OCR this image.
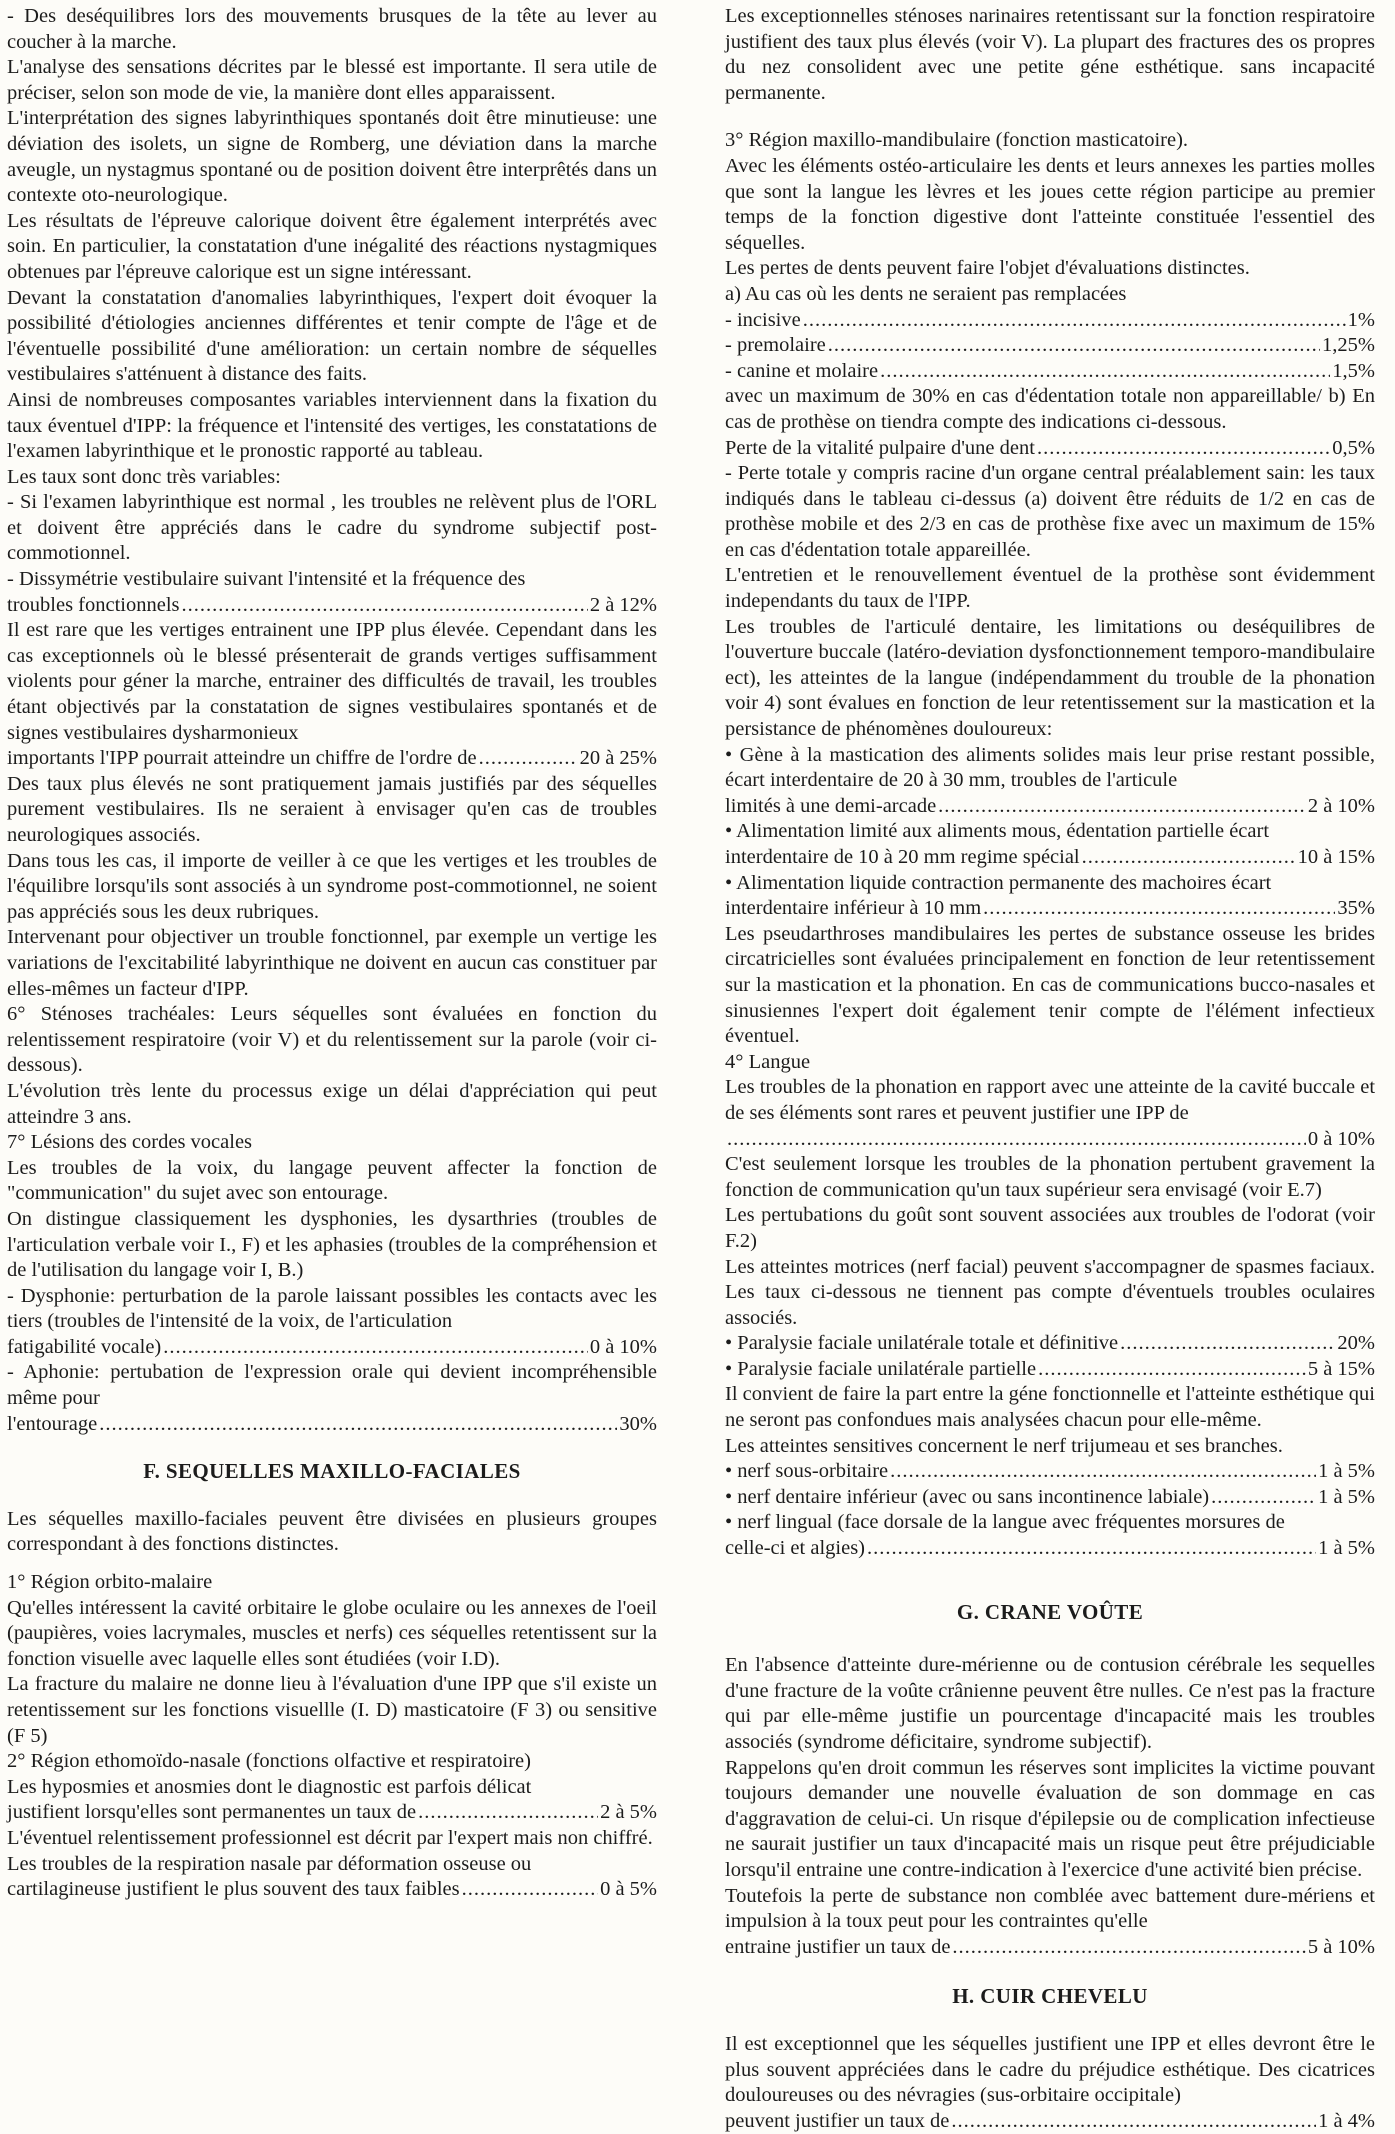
- Des deséquilibres lors des mouvements brusques de la tête au lever au coucher à la marche.

L'analyse des sensations décrites par le blessé est importante. Il sera utile de préciser, selon son mode de vie, la manière dont elles apparaissent.

L'interprétation des signes labyrinthiques spontanés doit être minutieuse: une déviation des isolets, un signe de Romberg, une déviation dans la marche aveugle, un nystagmus spontané ou de position doivent être interprêtés dans un contexte oto-neurologique.

Les résultats de l'épreuve calorique doivent être également interprétés avec soin. En particulier, la constatation d'une inégalité des réactions nystagmiques obtenues par l'épreuve calorique est un signe intéressant.

Devant la constatation d'anomalies labyrinthiques, l'expert doit évoquer la possibilité d'étiologies anciennes différentes et tenir compte de l'âge et de l'éventuelle possibilité d'une amélioration: un certain nombre de séquelles vestibulaires s'atténuent à distance des faits.

Ainsi de nombreuses composantes variables interviennent dans la fixation du taux éventuel d'IPP: la fréquence et l'intensité des vertiges, les constatations de l'examen labyrinthique et le pronostic rapporté au tableau.

Les taux sont donc très variables:

- Si l'examen labyrinthique est normal , les troubles ne relèvent plus de l'ORL et doivent être appréciés dans le cadre du syndrome subjectif post-commotionnel.

- Dissymétrie vestibulaire suivant l'intensité et la fréquence des

troubles fonctionnels .....	2 à 12%

Il est rare que les vertiges entrainent une IPP plus élevée. Cependant dans les cas exceptionnels où le blessé présenterait de grands vertiges suffisamment violents pour géner la marche, entrainer des difficultés de travail, les troubles étant objectivés par la constatation de signes vestibulaires spontanés et de signes vestibulaires dysharmonieux

importants l'IPP pourrait atteindre un chiffre de l'ordre de .....	20 à 25%

Des taux plus élevés ne sont pratiquement jamais justifiés par des séquelles purement vestibulaires. Ils ne seraient à envisager qu'en cas de troubles neurologiques associés.

Dans tous les cas, il importe de veiller à ce que les vertiges et les troubles de l'équilibre lorsqu'ils sont associés à un syndrome post-commotionnel, ne soient pas appréciés sous les deux rubriques.

Intervenant pour objectiver un trouble fonctionnel, par exemple un vertige les variations de l'excitabilité labyrinthique ne doivent en aucun cas constituer par elles-mêmes un facteur d'IPP.

6° Sténoses trachéales: Leurs séquelles sont évaluées en fonction du relentissement respiratoire (voir V) et du relentissement sur la parole (voir ci-dessous).

L'évolution très lente du processus exige un délai d'appréciation qui peut atteindre 3 ans.

7° Lésions des cordes vocales

Les troubles de la voix, du langage peuvent affecter la fonction de "communication" du sujet avec son entourage.

On distingue classiquement les dysphonies, les dysarthries (troubles de l'articulation verbale voir I., F) et les aphasies (troubles de la compréhension et de l'utilisation du langage voir I, B.)

- Dysphonie: perturbation de la parole laissant possibles les contacts avec les tiers (troubles de l'intensité de la voix, de l'articulation

fatigabilité vocale) .....	0 à 10%

- Aphonie: pertubation de l'expression orale qui devient incompréhensible même pour

l'entourage .....	30%
F. SEQUELLES MAXILLO-FACIALES

Les séquelles maxillo-faciales peuvent être divisées en plusieurs groupes correspondant à des fonctions distinctes.

1° Région orbito-malaire

Qu'elles intéressent la cavité orbitaire le globe oculaire ou les annexes de l'oeil (paupières, voies lacrymales, muscles et nerfs) ces séquelles retentissent sur la fonction visuelle avec laquelle elles sont étudiées (voir I.D).

La fracture du malaire ne donne lieu à l'évaluation d'une IPP que s'il existe un retentissement sur les fonctions visuellle (I. D) masticatoire (F 3) ou sensitive (F 5)

2° Région ethomoïdo-nasale (fonctions olfactive et respiratoire)

Les hyposmies et anosmies dont le diagnostic est parfois délicat

justifient lorsqu'elles sont permanentes un taux de .....	2 à 5%

L'éventuel relentissement professionnel est décrit par l'expert mais non chiffré.

Les troubles de la respiration nasale par déformation osseuse ou

cartilagineuse justifient le plus souvent des taux faibles .....	0 à 5%

Les exceptionnelles sténoses narinaires retentissant sur la fonction respiratoire justifient des taux plus élevés (voir V). La plupart des fractures des os propres du nez consolident avec une petite géne esthétique. sans incapacité permanente.

3° Région maxillo-mandibulaire (fonction masticatoire).

Avec les éléments ostéo-articulaire les dents et leurs annexes les parties molles que sont la langue les lèvres et les joues cette région participe au premier temps de la fonction digestive dont l'atteinte constituée l'essentiel des séquelles.

Les pertes de dents peuvent faire l'objet d'évaluations distinctes.

a) Au cas où les dents ne seraient pas remplacées

- incisive .....	1%
- premolaire .....	1,25%
- canine et molaire .....	1,5%

avec un maximum de 30% en cas d'édentation totale non appareillable/ b) En cas de prothèse on tiendra compte des indications ci-dessous.

Perte de la vitalité pulpaire d'une dent .....	0,5%

- Perte totale y compris racine d'un organe central préalablement sain: les taux indiqués dans le tableau ci-dessus (a) doivent être réduits de 1/2 en cas de prothèse mobile et des 2/3 en cas de prothèse fixe avec un maximum de 15% en cas d'édentation totale appareillée.

L'entretien et le renouvellement éventuel de la prothèse sont évidemment independants du taux de l'IPP.

Les troubles de l'articulé dentaire, les limitations ou deséquilibres de l'ouverture buccale (latéro-deviation dysfonctionnement temporo-mandibulaire ect), les atteintes de la langue (indépendamment du trouble de la phonation voir 4) sont évalues en fonction de leur retentissement sur la mastication et la persistance de phénomènes douloureux:

• Gène à la mastication des aliments solides mais leur prise restant possible, écart interdentaire de 20 à 30 mm, troubles de l'articule

limités à une demi-arcade .....	2 à 10%

• Alimentation limité aux aliments mous, édentation partielle écart

interdentaire de 10 à 20 mm regime spécial .....	10 à 15%

• Alimentation liquide contraction permanente des machoires écart

interdentaire inférieur à 10 mm .....	35%

Les pseudarthroses mandibulaires les pertes de substance osseuse les brides circatricielles sont évaluées principalement en fonction de leur retentissement sur la mastication et la phonation. En cas de communications bucco-nasales et sinusiennes l'expert doit également tenir compte de l'élément infectieux éventuel.

4° Langue

Les troubles de la phonation en rapport avec une atteinte de la cavité buccale et de ses éléments sont rares et peuvent justifier une IPP de

.....
0 à 10%

C'est seulement lorsque les troubles de la phonation pertubent gravement la fonction de communication qu'un taux supérieur sera envisagé (voir E.7)

Les pertubations du goût sont souvent associées aux troubles de l'odorat (voir F.2)

Les atteintes motrices (nerf facial) peuvent s'accompagner de spasmes faciaux. Les taux ci-dessous ne tiennent pas compte d'éventuels troubles oculaires associés.

• Paralysie faciale unilatérale totale et définitive .....	20%
• Paralysie faciale unilatérale partielle .....	5 à 15%

Il convient de faire la part entre la géne fonctionnelle et l'atteinte esthétique qui ne seront pas confondues mais analysées chacun pour elle-même.

Les atteintes sensitives concernent le nerf trijumeau et ses branches.

• nerf sous-orbitaire .....	1 à 5%
• nerf dentaire inférieur (avec ou sans incontinence labiale) .....	1 à 5%

• nerf lingual (face dorsale de la langue avec fréquentes morsures de

celle-ci et algies) .....	1 à 5%
G. CRANE VOÛTE

En l'absence d'atteinte dure-mérienne ou de contusion cérébrale les sequelles d'une fracture de la voûte crânienne peuvent être nulles. Ce n'est pas la fracture qui par elle-même justifie un pourcentage d'incapacité mais les troubles associés (syndrome déficitaire, syndrome subjectif).

Rappelons qu'en droit commun les réserves sont implicites la victime pouvant toujours demander une nouvelle évaluation de son dommage en cas d'aggravation de celui-ci. Un risque d'épilepsie ou de complication infectieuse ne saurait justifier un taux d'incapacité mais un risque peut être préjudiciable lorsqu'il entraine une contre-indication à l'exercice d'une activité bien précise.

Toutefois la perte de substance non comblée avec battement dure-mériens et impulsion à la toux peut pour les contraintes qu'elle

entraine justifier un taux de .....	5 à 10%
H. CUIR CHEVELU

Il est exceptionnel que les séquelles justifient une IPP et elles devront être le plus souvent appréciées dans le cadre du préjudice esthétique. Des cicatrices douloureuses ou des névragies (sus-orbitaire occipitale)

peuvent justifier un taux de .....	1 à 4%
